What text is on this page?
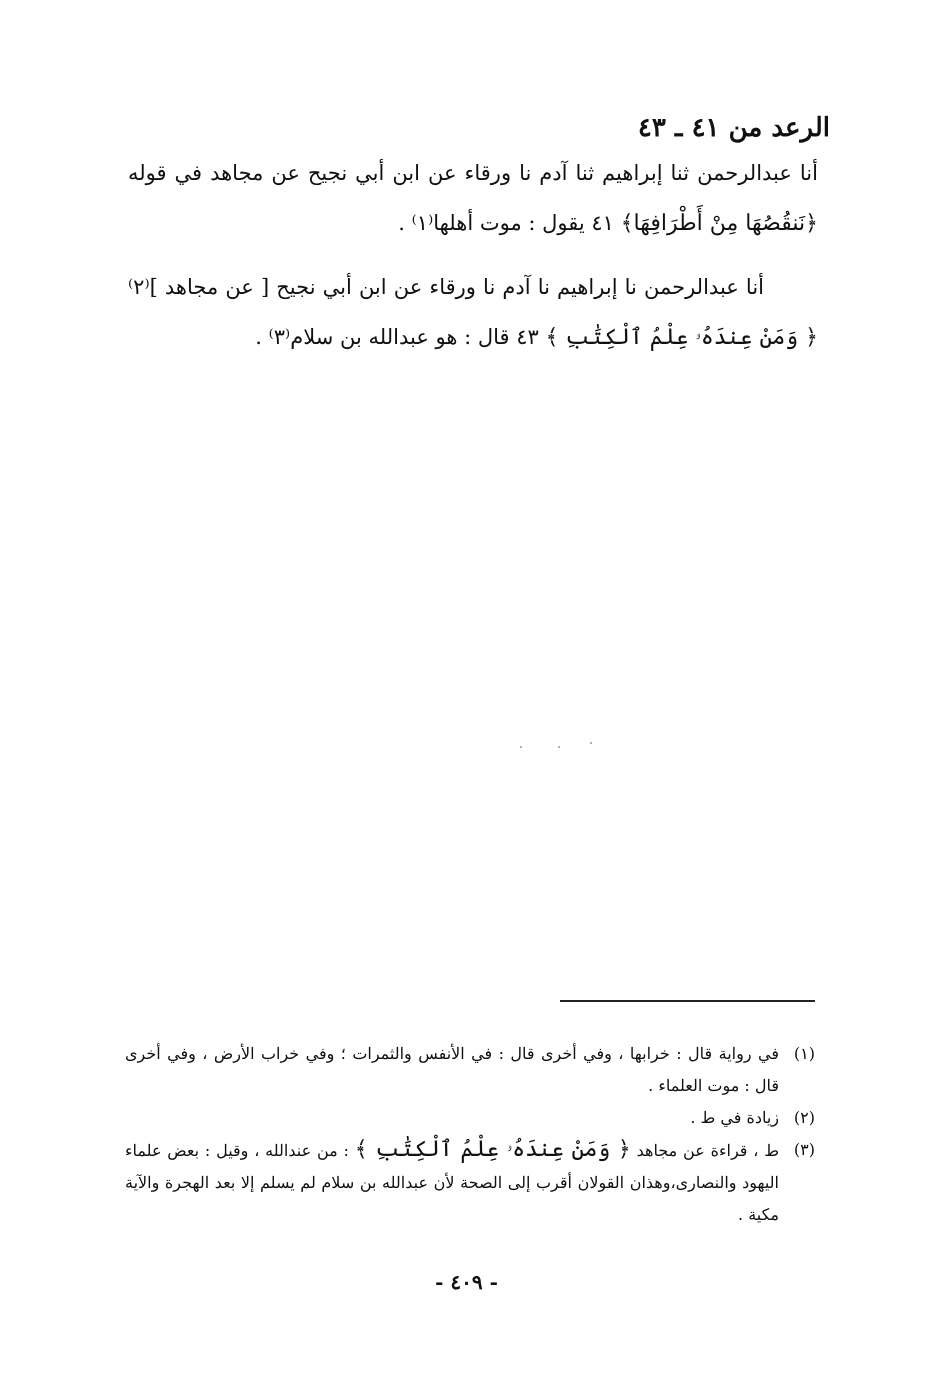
الرعد من ٤١ ـ ٤٣

أنا عبدالرحمن ثنا إبراهيم ثنا آدم نا ورقاء عن ابن أبي نجيح عن مجاهد في قوله ﴿نَنقُصُهَا مِنْ أَطْرَافِهَا﴾ ٤١ يقول : موت أهلها⁽١⁾ .

أنا عبدالرحمن نا إبراهيم نا آدم نا ورقاء عن ابن أبي نجيح [ عن مجاهد ]⁽٢⁾ ﴿ وَمَنْ عِندَهُۥ عِلْمُ ٱلْكِتَٰبِ ﴾ ٤٣ قال : هو عبدالله بن سلام⁽٣⁾ .

(١)
في رواية قال : خرابها ، وفي أخرى قال : في الأنفس والثمرات ؛ وفي خراب الأرض ، وفي أخرى قال : موت العلماء .

(٢)
زيادة في ط .

(٣)
ط ، قراءة عن مجاهد ﴿ وَمَنْ عِندَهُۥ عِلْمُ ٱلْكِتَٰبِ ﴾ : من عندالله ، وقيل : بعض علماء اليهود والنصارى،وهذان القولان أقرب إلى الصحة لأن عبدالله بن سلام لم يسلم إلا بعد الهجرة والآية مكية .

- ٤٠٩ -
